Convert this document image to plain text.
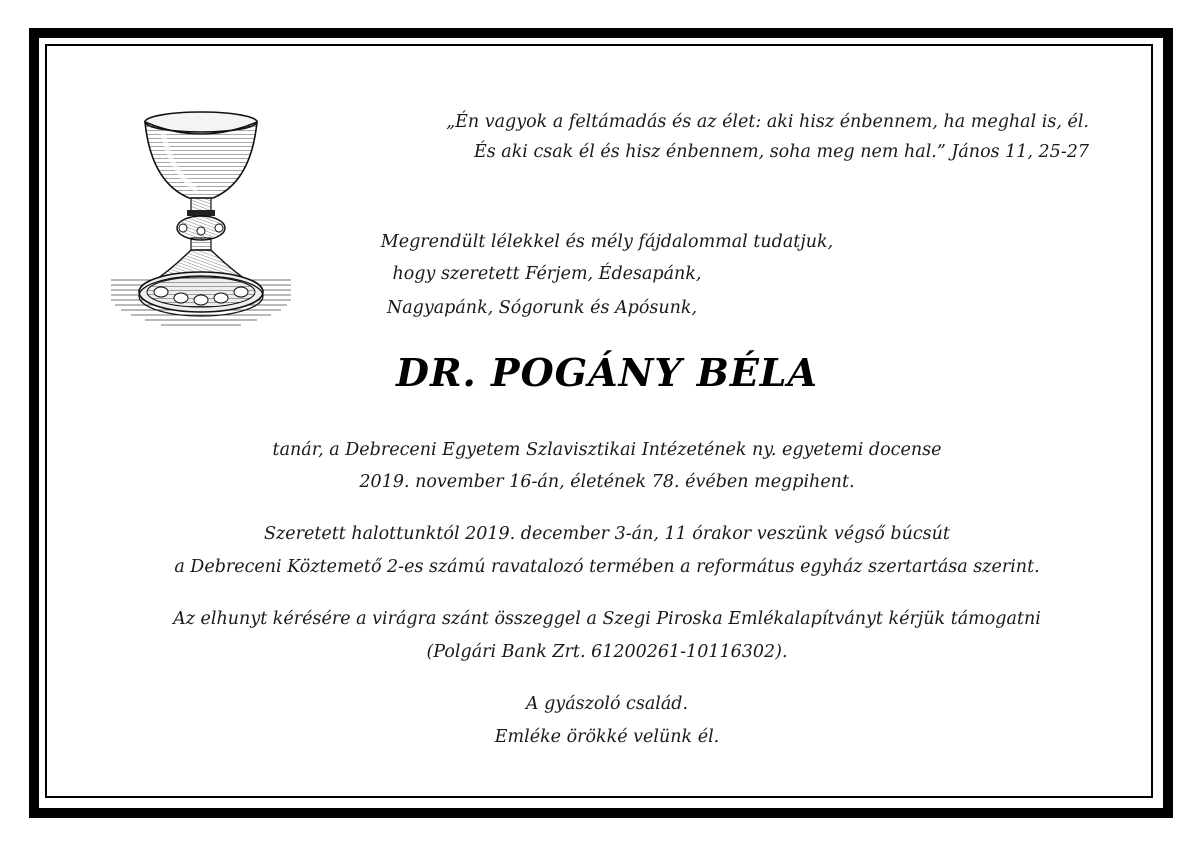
„Én vagyok a feltámadás és az élet: aki hisz énbennem, ha meghal is, él.
És aki csak él és hisz énbennem, soha meg nem hal.” János 11, 25-27
Megrendült lélekkel és mély fájdalommal tudatjuk,
hogy szeretett Férjem, Édesapánk,
Nagyapánk, Sógorunk és Apósunk,
DR. POGÁNY BÉLA
tanár, a Debreceni Egyetem Szlavisztikai Intézetének ny. egyetemi docense
2019. november 16-án, életének 78. évében megpihent.
Szeretett halottunktól 2019. december 3-án, 11 órakor veszünk végső búcsút
a Debreceni Köztemető 2-es számú ravatalozó termében a református egyház szertartása szerint.
Az elhunyt kérésére a virágra szánt összeggel a Szegi Piroska Emlékalapítványt kérjük támogatni
(Polgári Bank Zrt. 61200261-10116302).
A gyászoló család.
Emléke örökké velünk él.
